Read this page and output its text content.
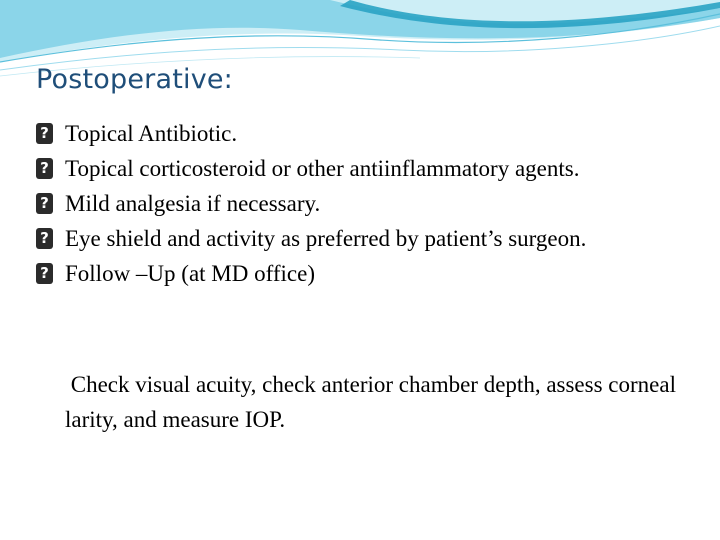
Postoperative:
? Topical Antibiotic.
? Topical corticosteroid or other antiinflammatory agents.
? Mild analgesia if necessary.
? Eye shield and activity as preferred by patient’s surgeon.
? Follow –Up (at MD office)
Check visual acuity, check anterior chamber depth, assess corneal larity, and measure IOP.
